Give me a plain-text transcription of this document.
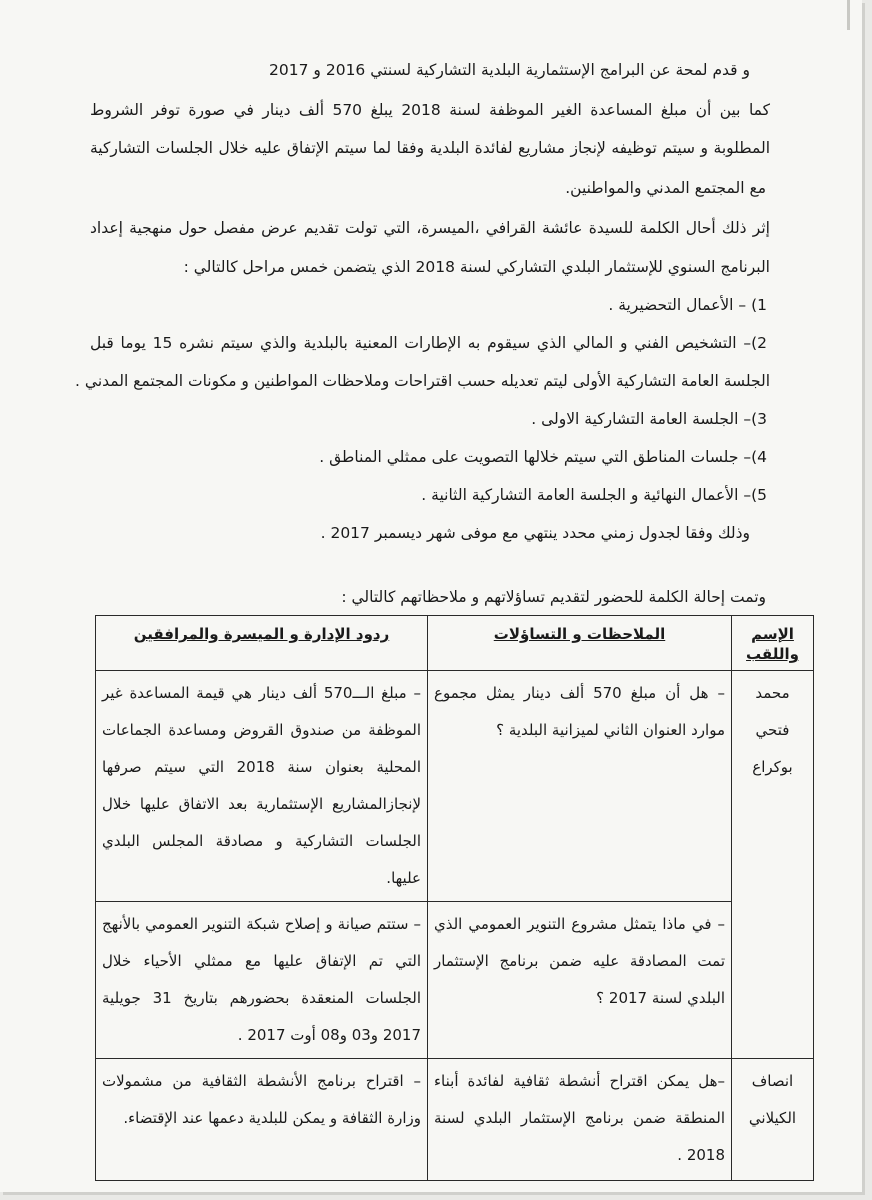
و قدم لمحة عن البرامج الإستثمارية البلدية التشاركية لسنتي 2016 و 2017
كما بين أن مبلغ المساعدة الغير الموظفة لسنة 2018 يبلغ 570 ألف دينار في صورة توفر الشروط
المطلوبة و سيتم توظيفه لإنجاز مشاريع لفائدة البلدية وفقا لما سيتم الإتفاق عليه خلال الجلسات التشاركية
مع المجتمع المدني والمواطنين.
إثر ذلك أحال الكلمة للسيدة عائشة القرافي ،الميسرة، التي تولت تقديم عرض مفصل حول منهجية إعداد
البرنامج السنوي للإستثمار البلدي التشاركي لسنة 2018 الذي يتضمن خمس مراحل كالتالي :
1) – الأعمال التحضيرية .
2)– التشخيص الفني و المالي الذي سيقوم به الإطارات المعنية بالبلدية والذي سيتم نشره 15 يوما قبل
الجلسة العامة التشاركية الأولى ليتم تعديله حسب اقتراحات وملاحظات المواطنين و مكونات المجتمع المدني .
3)– الجلسة العامة التشاركية الاولى .
4)– جلسات المناطق التي سيتم خلالها التصويت على ممثلي المناطق .
5)– الأعمال النهائية و الجلسة العامة التشاركية الثانية .
وذلك وفقا لجدول زمني محدد ينتهي مع موفى شهر ديسمبر 2017 .
وتمت إحالة الكلمة للحضور لتقديم تساؤلاتهم و ملاحظاتهم كالتالي :
الإسم واللقب	الملاحظات و التساؤلات	ردود الإدارة و الميسرة والمرافقين

محمد فتحي بوكراع	– هل أن مبلغ 570 ألف دينار يمثل مجموع موارد العنوان الثاني لميزانية البلدية ؟	– مبلغ الـــ570 ألف دينار هي قيمة المساعدة غير الموظفة من صندوق القروض ومساعدة الجماعات المحلية بعنوان سنة 2018 التي سيتم صرفها لإنجازالمشاريع الإستثمارية بعد الاتفاق عليها خلال الجلسات التشاركية و مصادقة المجلس البلدي عليها.

	– في ماذا يتمثل مشروع التنوير العمومي الذي تمت المصادقة عليه ضمن برنامج الإستثمار البلدي لسنة 2017 ؟	– ستتم صيانة و إصلاح شبكة التنوير العمومي بالأنهج التي تم الإتفاق عليها مع ممثلي الأحياء خلال الجلسات المنعقدة بحضورهم بتاريخ 31 جويلية 2017 و03 و08 أوت 2017 .

انصاف الكيلاني	–هل يمكن اقتراح أنشطة ثقافية لفائدة أبناء المنطقة ضمن برنامج الإستثمار البلدي لسنة 2018 .	– اقتراح برنامج الأنشطة الثقافية من مشمولات وزارة الثقافة و يمكن للبلدية دعمها عند الإقتضاء.
